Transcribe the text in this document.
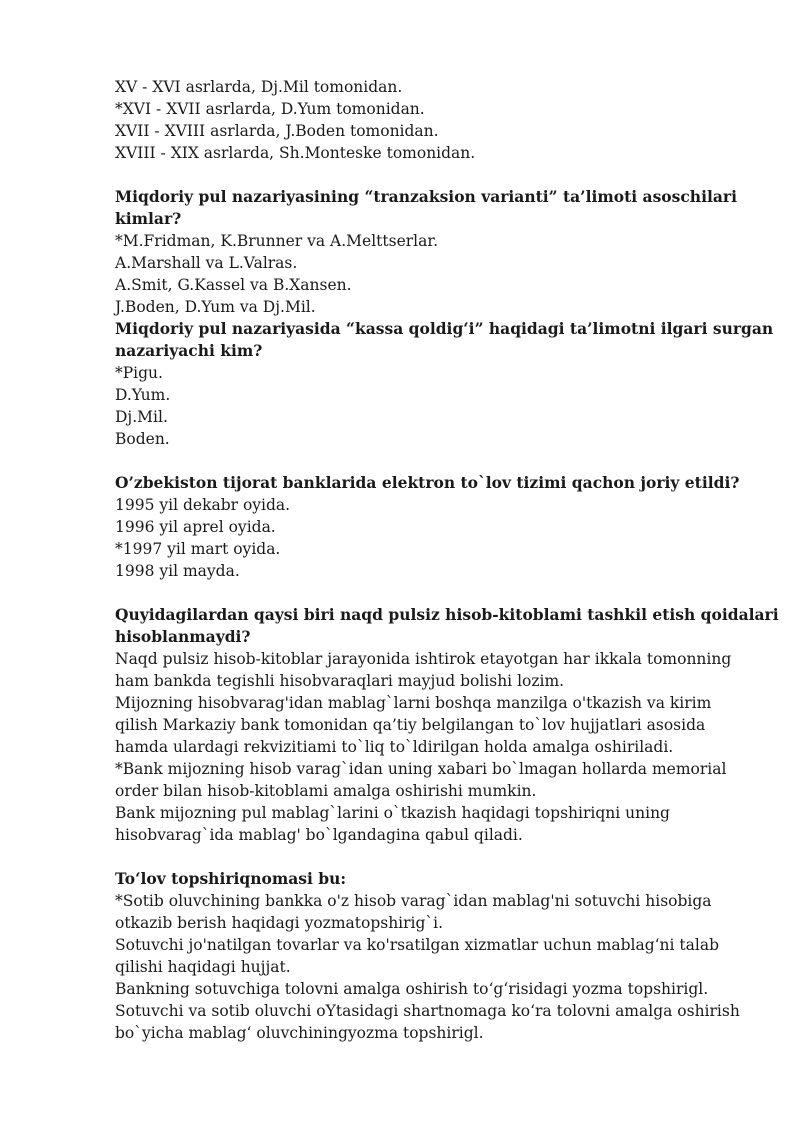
XV - XVI asrlarda, Dj.Mil tomonidan.
*XVI - XVII asrlarda, D.Yum tomonidan.
XVII - XVIII asrlarda, J.Boden tomonidan.
XVIII - XIX asrlarda, Sh.Monteske tomonidan.
Miqdoriy pul nazariyasining “tranzaksion varianti” ta’limoti asoschilari
kimlar?
*M.Fridman, K.Brunner va A.Melttserlar.
A.Marshall va L.Valras.
A.Smit, G.Kassel va B.Xansen.
J.Boden, D.Yum va Dj.Mil.
Miqdoriy pul nazariyasida “kassa qoldig‘i” haqidagi ta’limotni ilgari surgan
nazariyachi kim?
*Pigu.
D.Yum.
Dj.Mil.
Boden.
O’zbekiston tijorat banklarida elektron to`lov tizimi qachon joriy etildi?
1995 yil dekabr oyida.
1996 yil aprel oyida.
*1997 yil mart oyida.
1998 yil mayda.
Quyidagilardan qaysi biri naqd pulsiz hisob-kitoblami tashkil etish qoidalari
hisoblanmaydi?
Naqd pulsiz hisob-kitoblar jarayonida ishtirok etayotgan har ikkala tomonning
ham bankda tegishli hisobvaraqlari mayjud bolishi lozim.
Mijozning hisobvarag'idan mablag`larni boshqa manzilga o'tkazish va kirim
qilish Markaziy bank tomonidan qa’tiy belgilangan to`lov hujjatlari asosida
hamda ulardagi rekvizitiami to`liq to`ldirilgan holda amalga oshiriladi.
*Bank mijozning hisob varag`idan uning xabari bo`lmagan hollarda memorial
order bilan hisob-kitoblami amalga oshirishi mumkin.
Bank mijozning pul mablag`larini o`tkazish haqidagi topshiriqni uning
hisobvarag`ida mablag' bo`lgandagina qabul qiladi.
To‘lov topshiriqnomasi bu:
*Sotib oluvchining bankka o'z hisob varag`idan mablag'ni sotuvchi hisobiga
otkazib berish haqidagi yozmatopshirig`i.
Sotuvchi jo'natilgan tovarlar va ko'rsatilgan xizmatlar uchun mablag‘ni talab
qilishi haqidagi hujjat.
Bankning sotuvchiga tolovni amalga oshirish to‘g‘risidagi yozma topshirigl.
Sotuvchi va sotib oluvchi oYtasidagi shartnomaga ko‘ra tolovni amalga oshirish
bo`yicha mablag‘ oluvchiningyozma topshirigl.
